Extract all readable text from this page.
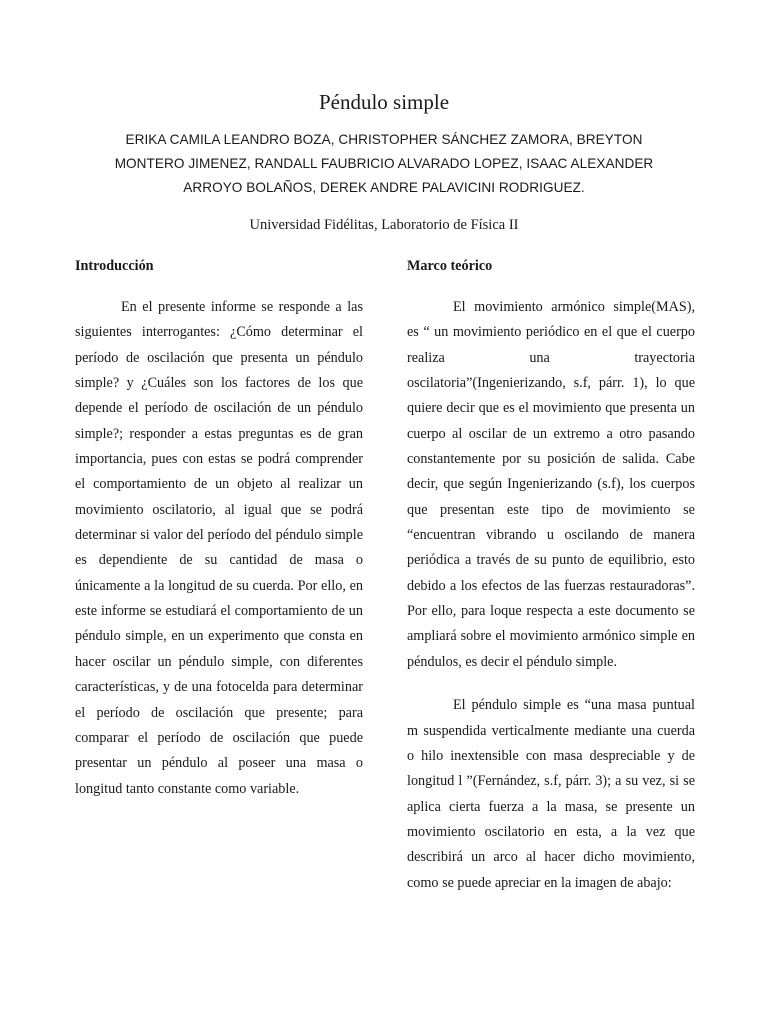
Péndulo simple
ERIKA CAMILA LEANDRO BOZA, CHRISTOPHER SÁNCHEZ ZAMORA, BREYTON MONTERO JIMENEZ, RANDALL FAUBRICIO ALVARADO LOPEZ, ISAAC ALEXANDER ARROYO BOLAÑOS, DEREK ANDRE PALAVICINI RODRIGUEZ.
Universidad Fidélitas, Laboratorio de Física II
Introducción

En el presente informe se responde a las siguientes interrogantes: ¿Cómo determinar el período de oscilación que presenta un péndulo simple? y ¿Cuáles son los factores de los que depende el período de oscilación de un péndulo simple?; responder a estas preguntas es de gran importancia, pues con estas se podrá comprender el comportamiento de un objeto al realizar un movimiento oscilatorio, al igual que se podrá determinar si valor del período del péndulo simple es dependiente de su cantidad de masa o únicamente a la longitud de su cuerda. Por ello, en este informe se estudiará el comportamiento de un péndulo simple, en un experimento que consta en hacer oscilar un péndulo simple, con diferentes características, y de una fotocelda para determinar el período de oscilación que presente; para comparar el período de oscilación que puede presentar un péndulo al poseer una masa o longitud tanto constante como variable.

Marco teórico

El movimiento armónico simple(MAS), es “ un movimiento periódico en el que el cuerpo realiza una trayectoria oscilatoria”(Ingenierizando, s.f, párr. 1), lo que quiere decir que es el movimiento que presenta un cuerpo al oscilar de un extremo a otro pasando constantemente por su posición de salida. Cabe decir, que según Ingenierizando (s.f), los cuerpos que presentan este tipo de movimiento se “encuentran vibrando u oscilando de manera periódica a través de su punto de equilibrio, esto debido a los efectos de las fuerzas restauradoras”. Por ello, para loque respecta a este documento se ampliará sobre el movimiento armónico simple en péndulos, es decir el péndulo simple.

El péndulo simple es “una masa puntual m suspendida verticalmente mediante una cuerda o hilo inextensible con masa despreciable y de longitud l ”(Fernández, s.f, párr. 3); a su vez, si se aplica cierta fuerza a la masa, se presente un movimiento oscilatorio en esta, a la vez que describirá un arco al hacer dicho movimiento, como se puede apreciar en la imagen de abajo:
